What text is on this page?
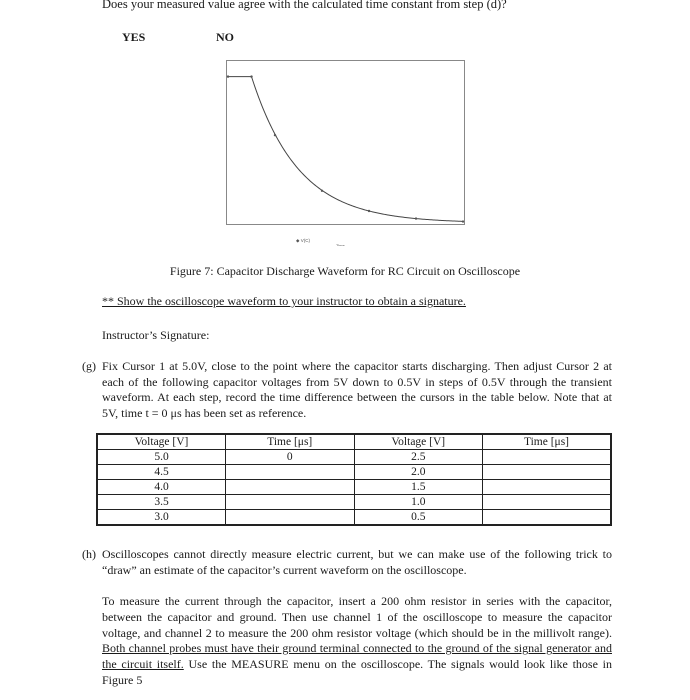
Does your measured value agree with the calculated time constant from step (d)?
YES	NO
◆ V(C)
Time
Figure 7: Capacitor Discharge Waveform for RC Circuit on Oscilloscope
** Show the oscilloscope waveform to your instructor to obtain a signature.
Instructor’s Signature:
(g) Fix Cursor 1 at 5.0V, close to the point where the capacitor starts discharging. Then adjust Cursor 2 at each of the following capacitor voltages from 5V down to 0.5V in steps of 0.5V through the transient waveform. At each step, record the time difference between the cursors in the table below. Note that at 5V, time t = 0 μs has been set as reference.
Voltage [V]	Time [μs]	Voltage [V]	Time [μs]
5.0	0	2.5	
4.5		2.0	
4.0		1.5	
3.5		1.0	
3.0		0.5	
(h) Oscilloscopes cannot directly measure electric current, but we can make use of the following trick to “draw” an estimate of the capacitor’s current waveform on the oscilloscope.
To measure the current through the capacitor, insert a 200 ohm resistor in series with the capacitor, between the capacitor and ground. Then use channel 1 of the oscilloscope to measure the capacitor voltage, and channel 2 to measure the 200 ohm resistor voltage (which should be in the millivolt range). Both channel probes must have their ground terminal connected to the ground of the signal generator and the circuit itself. Use the MEASURE menu on the oscilloscope. The signals would look like those in Figure 5
